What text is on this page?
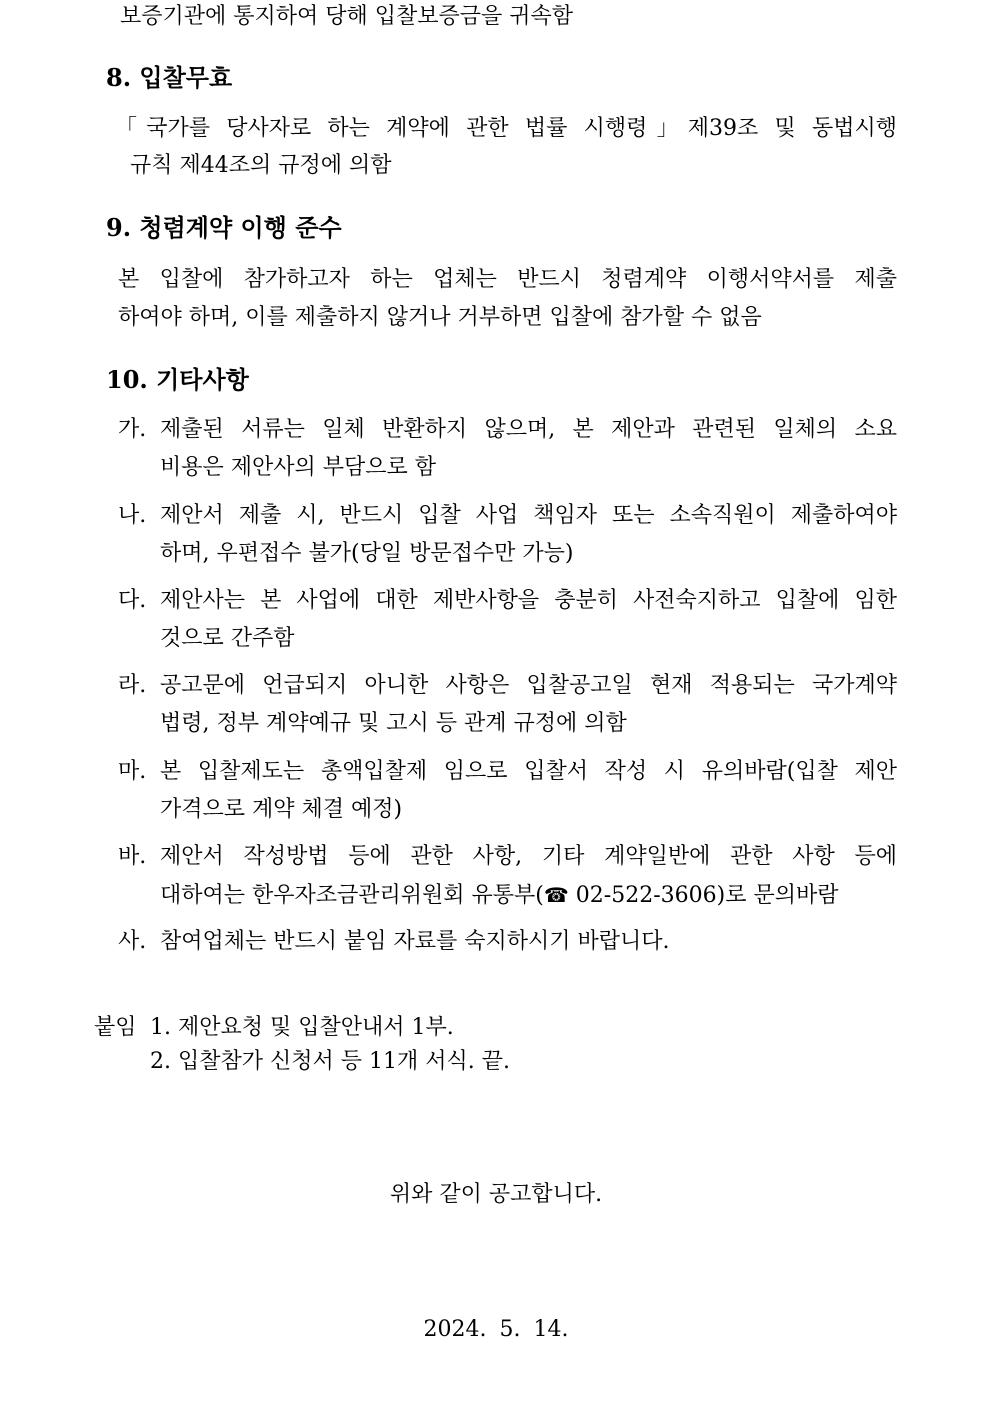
보증기관에 통지하여 당해 입찰보증금을 귀속함
8. 입찰무효
「국가를 당사자로 하는 계약에 관한 법률 시행령」제39조 및 동법시행
규칙 제44조의 규정에 의함
9. 청렴계약 이행 준수
본 입찰에 참가하고자 하는 업체는 반드시 청렴계약 이행서약서를 제출
하여야 하며, 이를 제출하지 않거나 거부하면 입찰에 참가할 수 없음
10. 기타사항
가. 제출된 서류는 일체 반환하지 않으며, 본 제안과 관련된 일체의 소요
비용은 제안사의 부담으로 함
나. 제안서 제출 시, 반드시 입찰 사업 책임자 또는 소속직원이 제출하여야
하며, 우편접수 불가(당일 방문접수만 가능)
다. 제안사는 본 사업에 대한 제반사항을 충분히 사전숙지하고 입찰에 임한
것으로 간주함
라. 공고문에 언급되지 아니한 사항은 입찰공고일 현재 적용되는 국가계약
법령, 정부 계약예규 및 고시 등 관계 규정에 의함
마. 본 입찰제도는 총액입찰제 임으로 입찰서 작성 시 유의바람(입찰 제안
가격으로 계약 체결 예정)
바. 제안서 작성방법 등에 관한 사항, 기타 계약일반에 관한 사항 등에
대하여는 한우자조금관리위원회 유통부(☎ 02-522-3606)로 문의바람
사. 참여업체는 반드시 붙임 자료를 숙지하시기 바랍니다.
붙임 1. 제안요청 및 입찰안내서 1부.
2. 입찰참가 신청서 등 11개 서식. 끝.
위와 같이 공고합니다.
2024. 5. 14.
